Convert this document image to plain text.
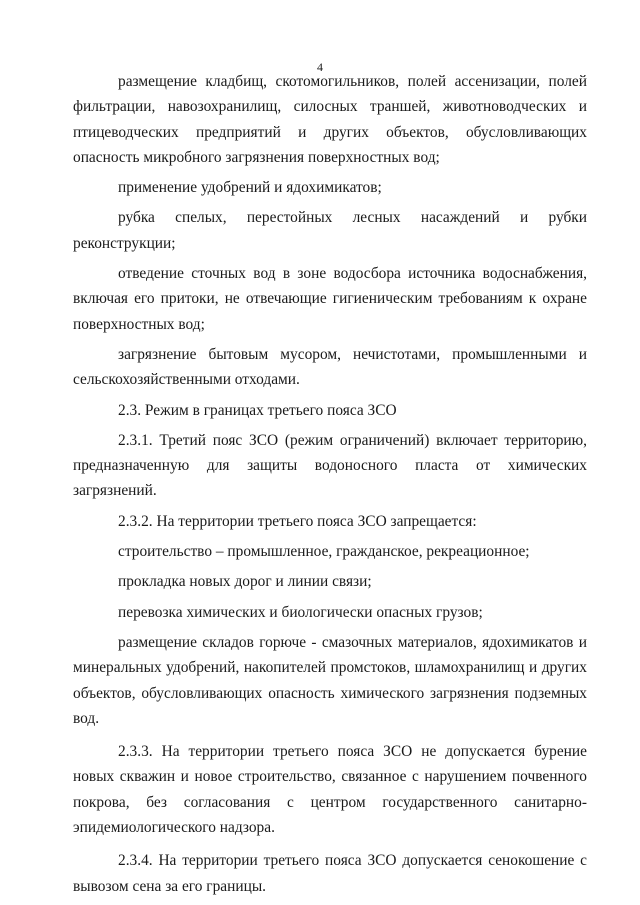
4

размещение кладбищ, скотомогильников, полей ассенизации, полей фильтрации, навозохранилищ, силосных траншей, животноводческих и птицеводческих предприятий и других объектов, обусловливающих опасность микробного загрязнения поверхностных вод;

применение удобрений и ядохимикатов;

рубка спелых, перестойных лесных насаждений и рубки реконструкции;

отведение сточных вод в зоне водосбора источника водоснабжения, включая его притоки, не отвечающие гигиеническим требованиям к охране поверхностных вод;

загрязнение бытовым мусором, нечистотами, промышленными и сельскохозяйственными отходами.

2.3. Режим в границах третьего пояса ЗСО

2.3.1. Третий пояс ЗСО (режим ограничений) включает территорию, предназначенную для защиты водоносного пласта от химических загрязнений.

2.3.2. На территории третьего пояса ЗСО запрещается:

строительство – промышленное, гражданское, рекреационное;

прокладка новых дорог и линии связи;

перевозка химических и биологически опасных грузов;

размещение складов горюче - смазочных материалов, ядохимикатов и минеральных удобрений, накопителей промстоков, шламохранилищ и других объектов, обусловливающих опасность химического загрязнения подземных вод.

2.3.3. На территории третьего пояса ЗСО не допускается бурение новых скважин и новое строительство, связанное с нарушением почвенного покрова, без согласования с центром государственного санитарно- эпидемиологического надзора.

2.3.4. На территории третьего пояса ЗСО допускается сенокошение с вывозом сена за его границы.
